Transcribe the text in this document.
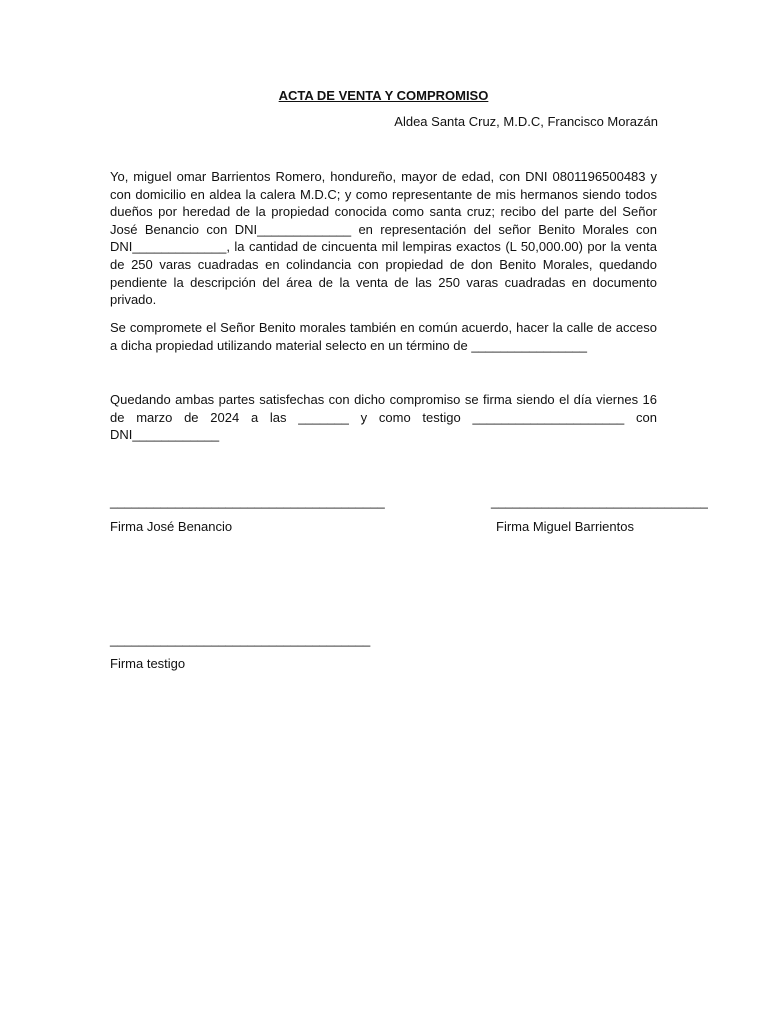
ACTA DE VENTA Y COMPROMISO
Aldea Santa Cruz, M.D.C, Francisco Morazán

Yo, miguel omar Barrientos Romero, hondureño, mayor de edad, con DNI 0801196500483 y con domicilio en aldea la calera M.D.C; y como representante de mis hermanos siendo todos dueños por heredad de la propiedad conocida como santa cruz; recibo del parte del Señor José Benancio con DNI_____________ en representación del señor Benito Morales con DNI_____________, la cantidad de cincuenta mil lempiras exactos (L 50,000.00) por la venta de 250 varas cuadradas en colindancia con propiedad de don Benito Morales, quedando pendiente la descripción del área de la venta de las 250 varas cuadradas en documento privado.

Se compromete el Señor Benito morales también en común acuerdo, hacer la calle de acceso a dicha propiedad utilizando material selecto en un término de ________________

Quedando ambas partes satisfechas con dicho compromiso se firma siendo el día viernes 16 de marzo de 2024 a las _______ y como testigo _____________________ con DNI____________

______________________________________	______________________________
Firma José Benancio	Firma Miguel Barrientos
____________________________________
Firma testigo
